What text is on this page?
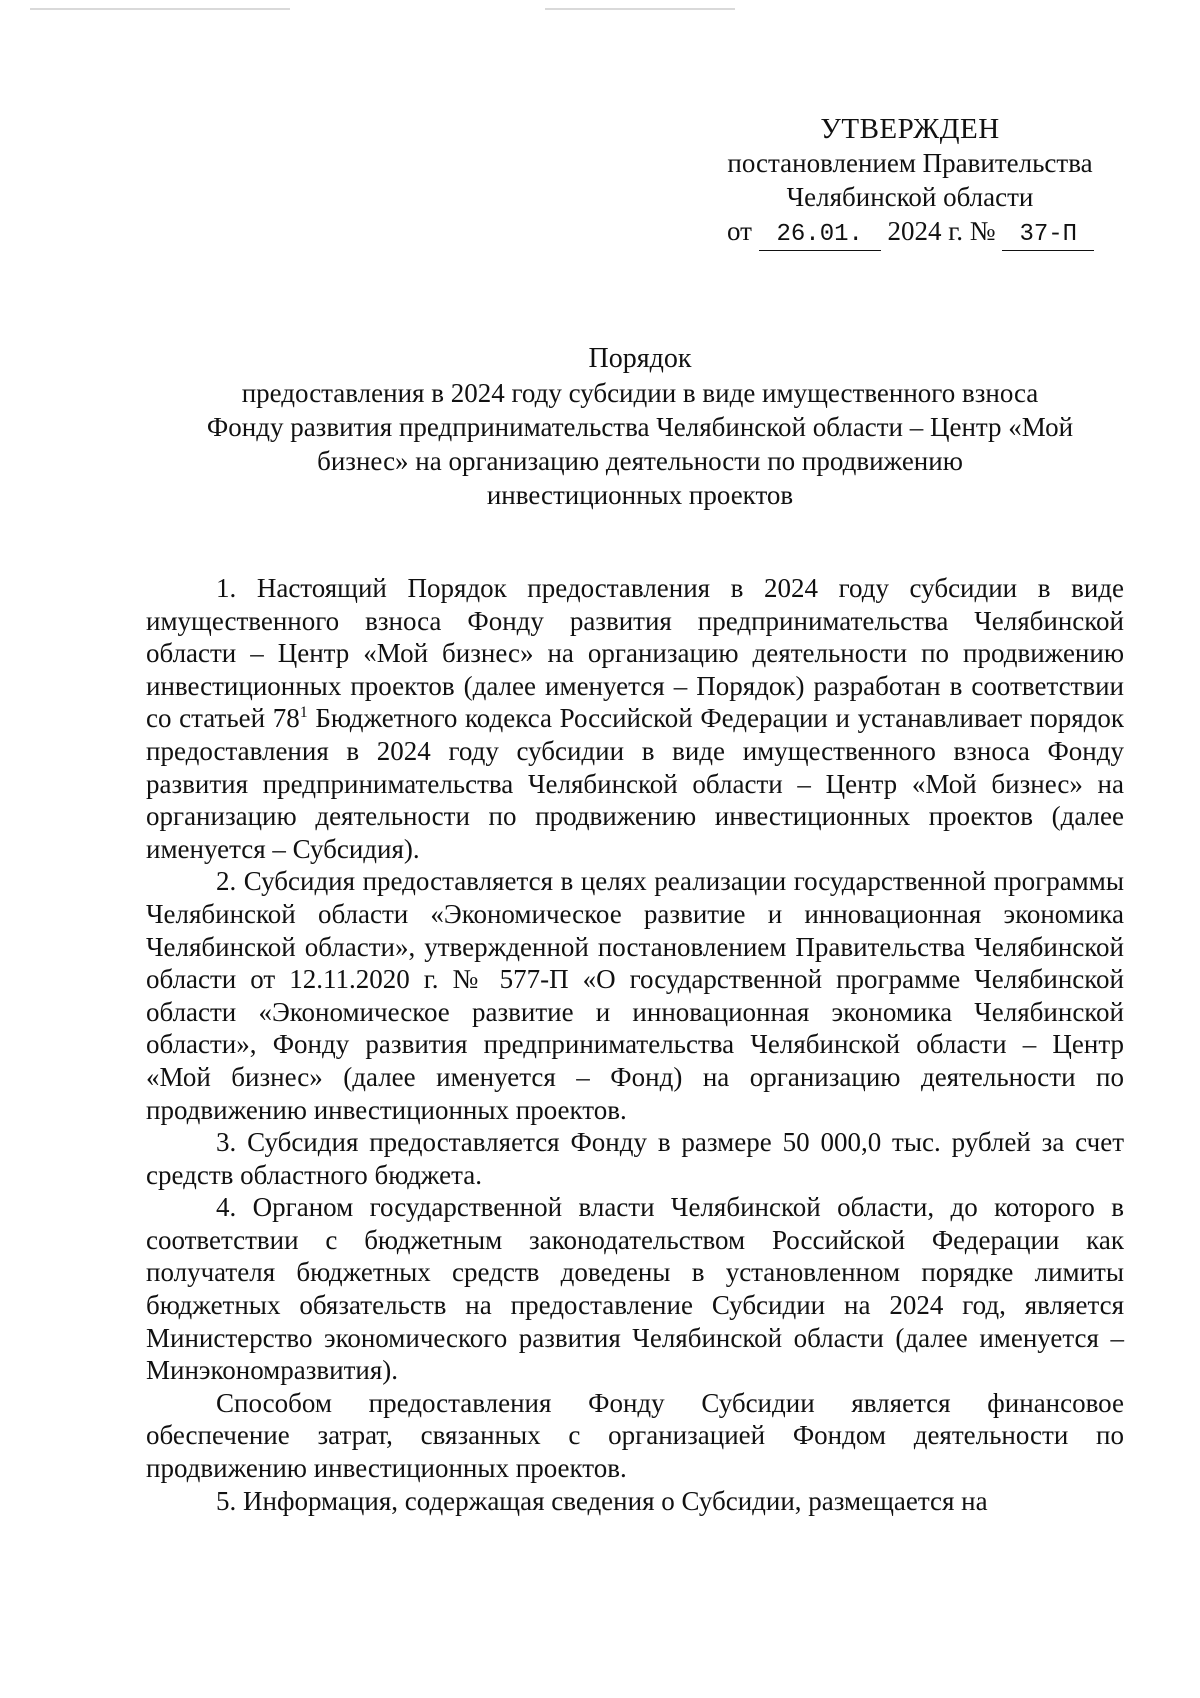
УТВЕРЖДЕН
постановлением Правительства
Челябинской области
от 26.01. 2024 г. № 37-П
Порядок
предоставления в 2024 году субсидии в виде имущественного взноса
Фонду развития предпринимательства Челябинской области – Центр «Мой
бизнес» на организацию деятельности по продвижению
инвестиционных проектов

1. Настоящий Порядок предоставления в 2024 году субсидии в виде имущественного взноса Фонду развития предпринимательства Челябинской области – Центр «Мой бизнес» на организацию деятельности по продвижению инвестиционных проектов (далее именуется – Порядок) разработан в соответствии со статьей $78^1$ Бюджетного кодекса Российской Федерации и устанавливает порядок предоставления в 2024 году субсидии в виде имущественного взноса Фонду развития предпринимательства Челябинской области – Центр «Мой бизнес» на организацию деятельности по продвижению инвестиционных проектов (далее именуется – Субсидия).

2. Субсидия предоставляется в целях реализации государственной программы Челябинской области «Экономическое развитие и инновационная экономика Челябинской области», утвержденной постановлением Правительства Челябинской области от 12.11.2020 г. № 577-П «О государственной программе Челябинской области «Экономическое развитие и инновационная экономика Челябинской области», Фонду развития предпринимательства Челябинской области – Центр «Мой бизнес» (далее именуется – Фонд) на организацию деятельности по продвижению инвестиционных проектов.

3. Субсидия предоставляется Фонду в размере 50 000,0 тыс. рублей за счет средств областного бюджета.

4. Органом государственной власти Челябинской области, до которого в соответствии с бюджетным законодательством Российской Федерации как получателя бюджетных средств доведены в установленном порядке лимиты бюджетных обязательств на предоставление Субсидии на 2024 год, является Министерство экономического развития Челябинской области (далее именуется – Минэкономразвития).

Способом предоставления Фонду Субсидии является финансовое обеспечение затрат, связанных с организацией Фондом деятельности по продвижению инвестиционных проектов.

5. Информация, содержащая сведения о Субсидии, размещается на
